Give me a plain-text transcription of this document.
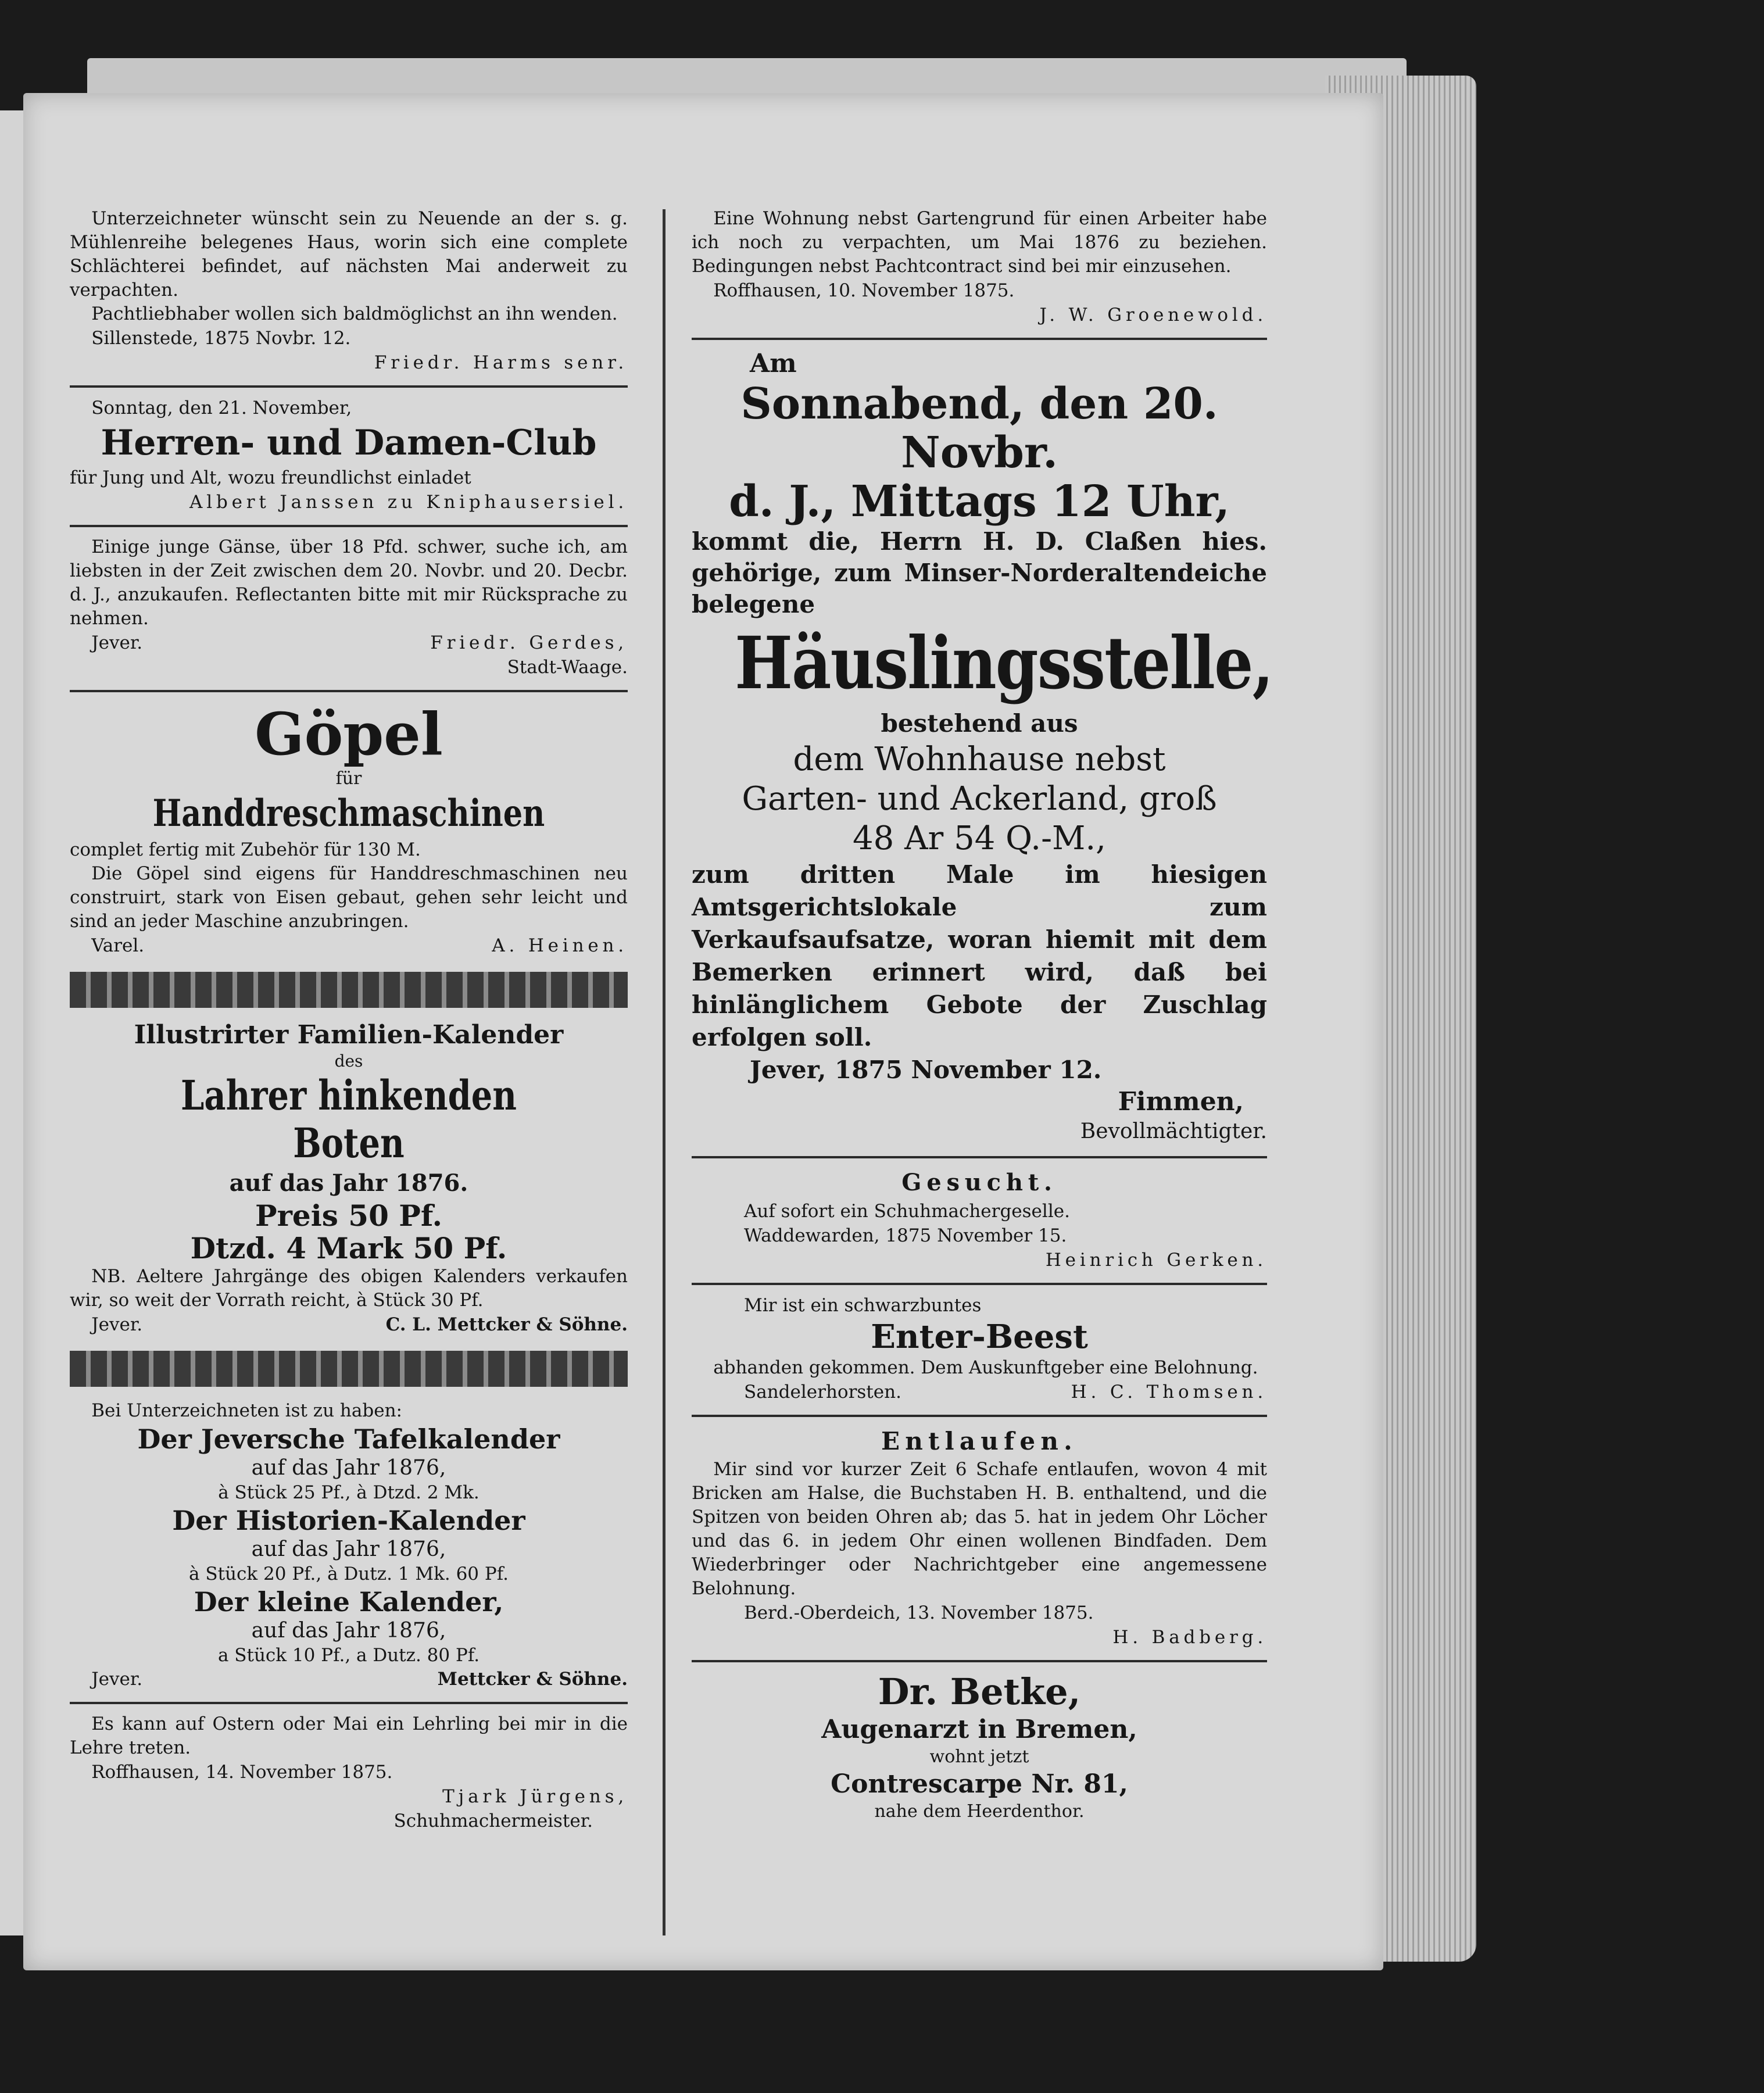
Unterzeichneter wünscht sein zu Neuende an der s. g. Mühlenreihe belegenes Haus, worin sich eine complete Schlächterei befindet, auf nächsten Mai anderweit zu verpachten.

Pachtliebhaber wollen sich baldmöglichst an ihn wenden.

Sillenstede, 1875 Novbr. 12.
Friedr. Harms senr.
Sonntag, den 21. November,
Herren- und Damen-Club
für Jung und Alt, wozu freundlichst einladet
Albert Janssen zu Kniphausersiel.

Einige junge Gänse, über 18 Pfd. schwer, suche ich, am liebsten in der Zeit zwischen dem 20. Novbr. und 20. Decbr. d. J., anzukaufen. Reflectanten bitte mit mir Rücksprache zu nehmen.

Jever.	Friedr. Gerdes,
Stadt-Waage.
Göpel
für
Handdreschmaschinen
complet fertig mit Zubehör für 130 M.

Die Göpel sind eigens für Handdreschmaschinen neu construirt, stark von Eisen gebaut, gehen sehr leicht und sind an jeder Maschine anzubringen.

Varel.	A. Heinen.
Illustrirter Familien-Kalender
des
Lahrer hinkenden Boten
auf das Jahr 1876.
Preis 50 Pf.
Dtzd. 4 Mark 50 Pf.

NB. Aeltere Jahrgänge des obigen Kalenders verkaufen wir, so weit der Vorrath reicht, à Stück 30 Pf.

Jever.	C. L. Mettcker & Söhne.
Bei Unterzeichneten ist zu haben:
Der Jeversche Tafelkalender
auf das Jahr 1876,
à Stück 25 Pf., à Dtzd. 2 Mk.
Der Historien-Kalender
auf das Jahr 1876,
à Stück 20 Pf., à Dutz. 1 Mk. 60 Pf.
Der kleine Kalender,
auf das Jahr 1876,
a Stück 10 Pf., a Dutz. 80 Pf.
Jever.	Mettcker & Söhne.

Es kann auf Ostern oder Mai ein Lehrling bei mir in die Lehre treten.

Roffhausen, 14. November 1875.
Tjark Jürgens,
Schuhmachermeister.

Eine Wohnung nebst Gartengrund für einen Arbeiter habe ich noch zu verpachten, um Mai 1876 zu beziehen. Bedingungen nebst Pachtcontract sind bei mir einzusehen.

Roffhausen, 10. November 1875.
J. W. Groenewold.
Am
Sonnabend, den 20. Novbr.
d. J., Mittags 12 Uhr,

kommt die, Herrn H. D. Claßen hies. gehörige, zum Minser-Norderaltendeiche belegene

Häuslingsstelle,
bestehend aus
dem Wohnhause nebst
Garten- und Ackerland, groß
48 Ar 54 Q.-M.,

zum dritten Male im hiesigen Amtsgerichtslokale zum Verkaufsaufsatze, woran hiemit mit dem Bemerken erinnert wird, daß bei hinlänglichem Gebote der Zuschlag erfolgen soll.

Jever, 1875 November 12.
Fimmen,
Bevollmächtigter.
Gesucht.
Auf sofort ein Schuhmachergeselle.
Waddewarden, 1875 November 15.
Heinrich Gerken.
Mir ist ein schwarzbuntes
Enter-Beest

abhanden gekommen. Dem Auskunftgeber eine Belohnung.

Sandelerhorsten.	H. C. Thomsen.
Entlaufen.

Mir sind vor kurzer Zeit 6 Schafe entlaufen, wovon 4 mit Bricken am Halse, die Buchstaben H. B. enthaltend, und die Spitzen von beiden Ohren ab; das 5. hat in jedem Ohr Löcher und das 6. in jedem Ohr einen wollenen Bindfaden. Dem Wiederbringer oder Nachrichtgeber eine angemessene Belohnung.

Berd.-Oberdeich, 13. November 1875.
H. Badberg.
Dr. Betke,
Augenarzt in Bremen,
wohnt jetzt
Contrescarpe Nr. 81,
nahe dem Heerdenthor.
